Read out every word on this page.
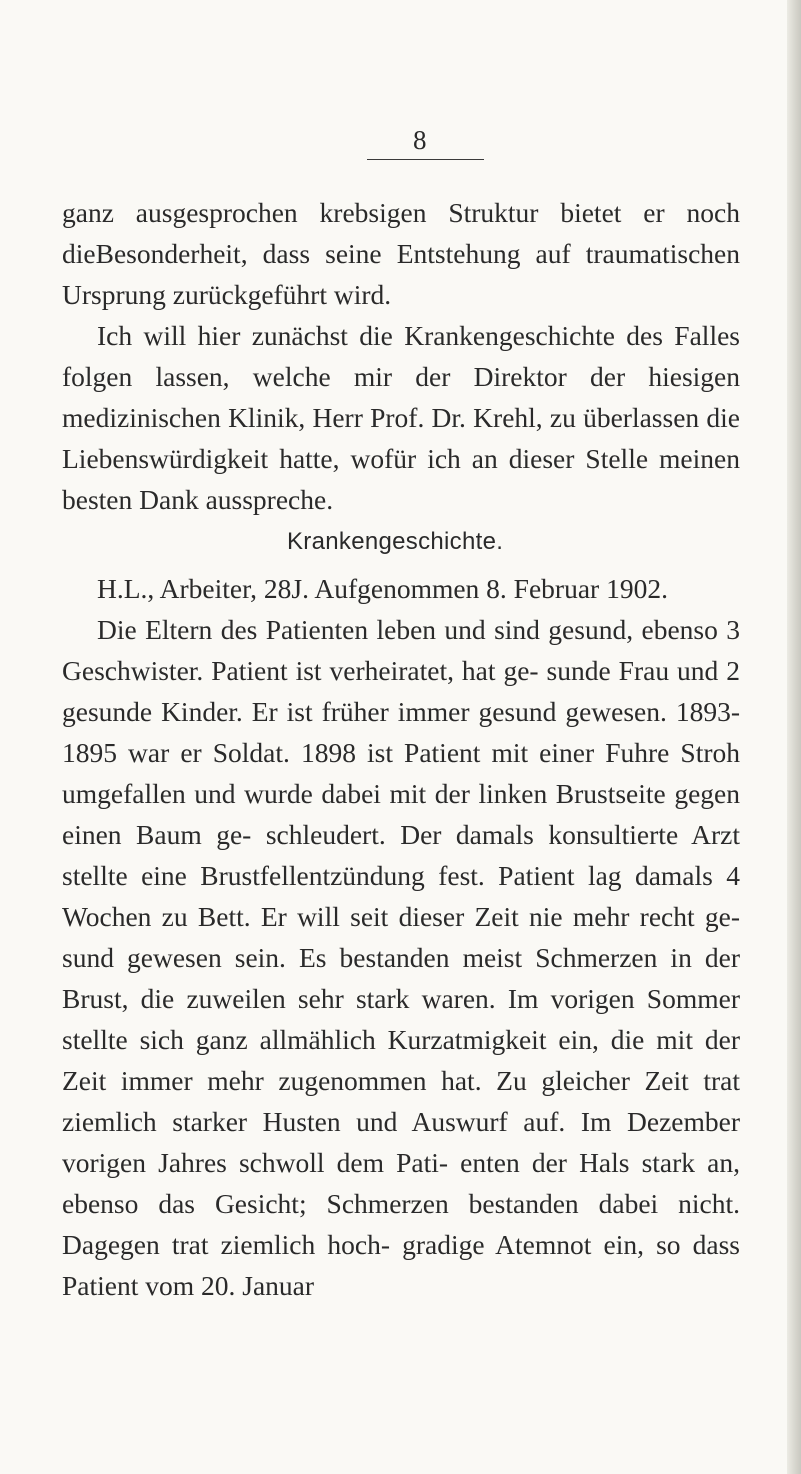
8

ganz ausgesprochen krebsigen Struktur bietet er noch dieBesonderheit, dass seine Entstehung auf traumatischen Ursprung zurückgeführt wird.

Ich will hier zunächst die Krankengeschichte des Falles folgen lassen, welche mir der Direktor der hiesigen medizinischen Klinik, Herr Prof. Dr. Krehl, zu überlassen die Liebenswürdigkeit hatte, wofür ich an dieser Stelle meinen besten Dank ausspreche.

Krankengeschichte.

H.L., Arbeiter, 28J. Aufgenommen 8. Februar 1902.

Die Eltern des Patienten leben und sind gesund, ebenso 3 Geschwister. Patient ist verheiratet, hat ge- sunde Frau und 2 gesunde Kinder. Er ist früher immer gesund gewesen. 1893-1895 war er Soldat. 1898 ist Patient mit einer Fuhre Stroh umgefallen und wurde dabei mit der linken Brustseite gegen einen Baum ge- schleudert. Der damals konsultierte Arzt stellte eine Brustfellentzündung fest. Patient lag damals 4 Wochen zu Bett. Er will seit dieser Zeit nie mehr recht ge- sund gewesen sein. Es bestanden meist Schmerzen in der Brust, die zuweilen sehr stark waren. Im vorigen Sommer stellte sich ganz allmählich Kurzatmigkeit ein, die mit der Zeit immer mehr zugenommen hat. Zu gleicher Zeit trat ziemlich starker Husten und Auswurf auf. Im Dezember vorigen Jahres schwoll dem Pati- enten der Hals stark an, ebenso das Gesicht; Schmerzen bestanden dabei nicht. Dagegen trat ziemlich hoch- gradige Atemnot ein, so dass Patient vom 20. Januar
